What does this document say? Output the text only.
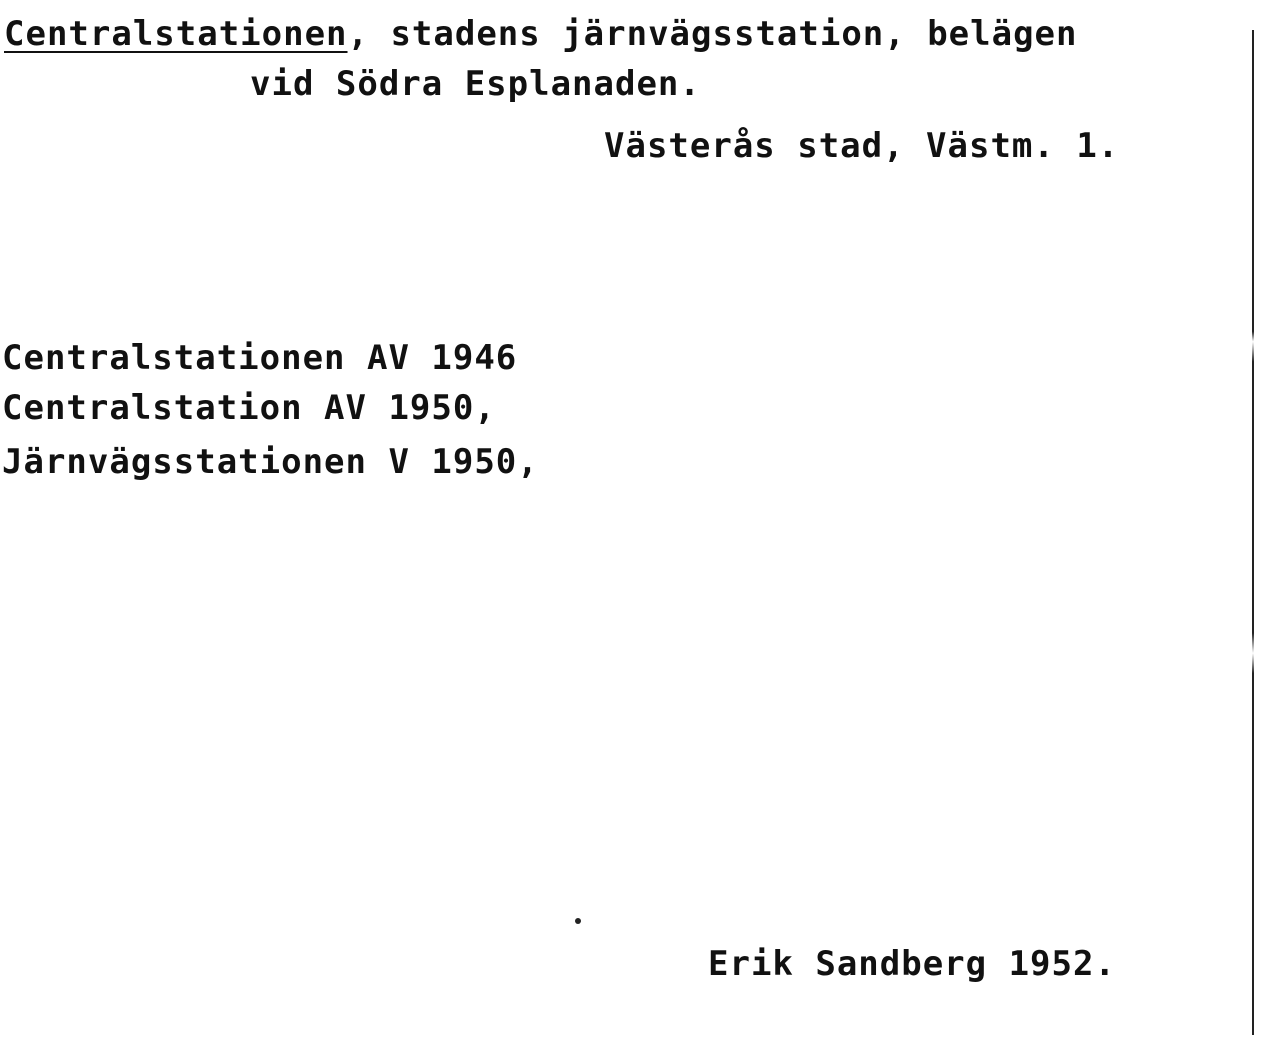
Centralstationen, stadens järnvägsstation, belägen
vid Södra Esplanaden.
Västerås stad, Västm. 1.
Centralstationen AV 1946
Centralstation AV 1950,
Järnvägsstationen V 1950,
Erik Sandberg 1952.
